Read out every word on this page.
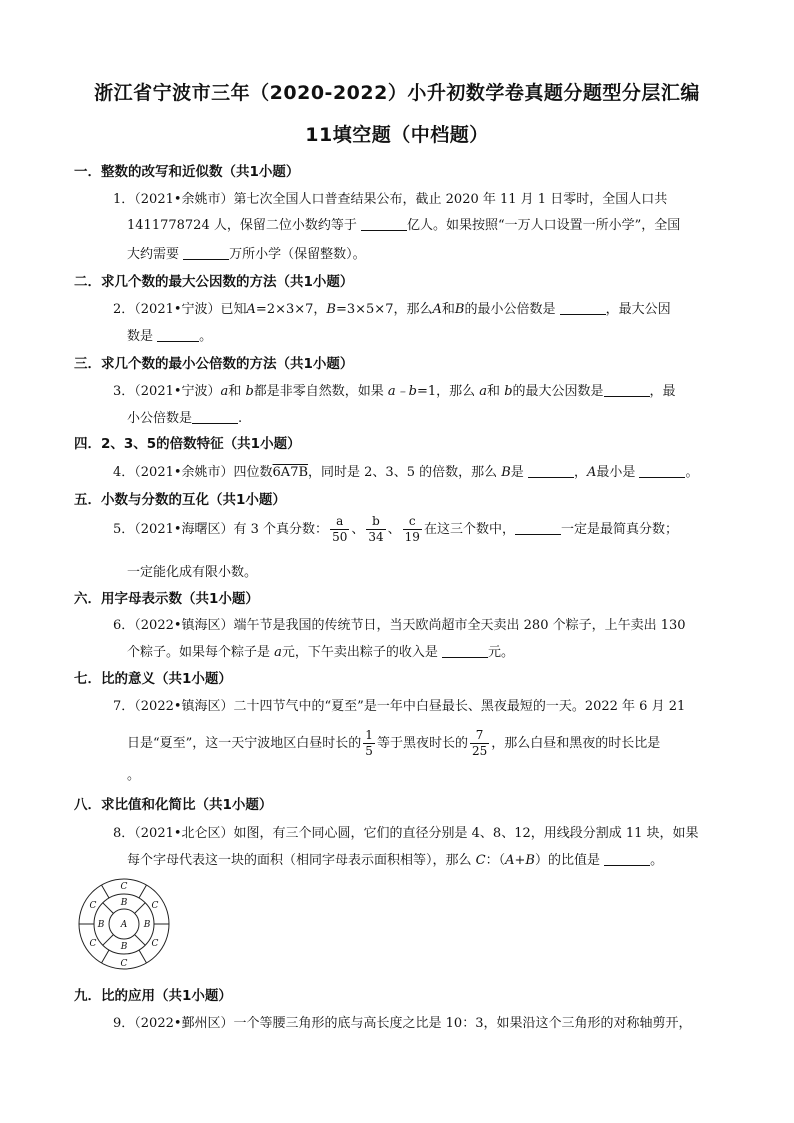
浙江省宁波市三年（2020-2022）小升初数学卷真题分题型分层汇编
11填空题（中档题）
一．整数的改写和近似数（共1小题）
1．（2021•余姚市）第七次全国人口普查结果公布，截止 2020 年 11 月 1 日零时，全国人口共
1411778724 人，保留二位小数约等于	亿人。如果按照“一万人口设置一所小学”，全国
大约需要	万所小学（保留整数）。
二．求几个数的最大公因数的方法（共1小题）
2．（2021•宁波）已知A=2×3×7，B=3×5×7，那么A和B的最小公倍数是	，最大公因
数是	。
三．求几个数的最小公倍数的方法（共1小题）
3．（2021•宁波）a和 b都是非零自然数，如果 a﹣b=1，那么 a和 b的最大公因数是	，最
小公倍数是	.
四．2、3、5的倍数特征（共1小题）
4．（2021•余姚市）四位数6A7B，同时是 2、3、5 的倍数，那么 B是	，A最小是	。
五．小数与分数的互化（共1小题）
5．（2021•海曙区）有 3 个真分数： $\frac{a}{50}$ 、 $\frac{b}{34}$ 、 $\frac{c}{19}$ 在这三个数中，	一定是最简真分数；
一定能化成有限小数。
六．用字母表示数（共1小题）
6．（2022•镇海区）端午节是我国的传统节日，当天欧尚超市全天卖出 280 个粽子，上午卖出 130
个粽子。如果每个粽子是 a元，下午卖出粽子的收入是	元。
七．比的意义（共1小题）
7．（2022•镇海区）二十四节气中的“夏至”是一年中白昼最长、黑夜最短的一天。2022 年 6 月 21
日是“夏至”，这一天宁波地区白昼时长的 $\frac{1}{5}$ 等于黑夜时长的 $\frac{7}{25}$ ，那么白昼和黑夜的时长比是
。
八．求比值和化简比（共1小题）
8．（2021•北仑区）如图，有三个同心圆，它们的直径分别是 4、8、12，用线段分割成 11 块，如果
每个字母代表这一块的面积（相同字母表示面积相等），那么 C：（A+B）的比值是	。
A
B
B
B	B
C
C
C	C
C	C
九．比的应用（共1小题）
9．（2022•鄞州区）一个等腰三角形的底与高长度之比是 10：3，如果沿这个三角形的对称轴剪开，
